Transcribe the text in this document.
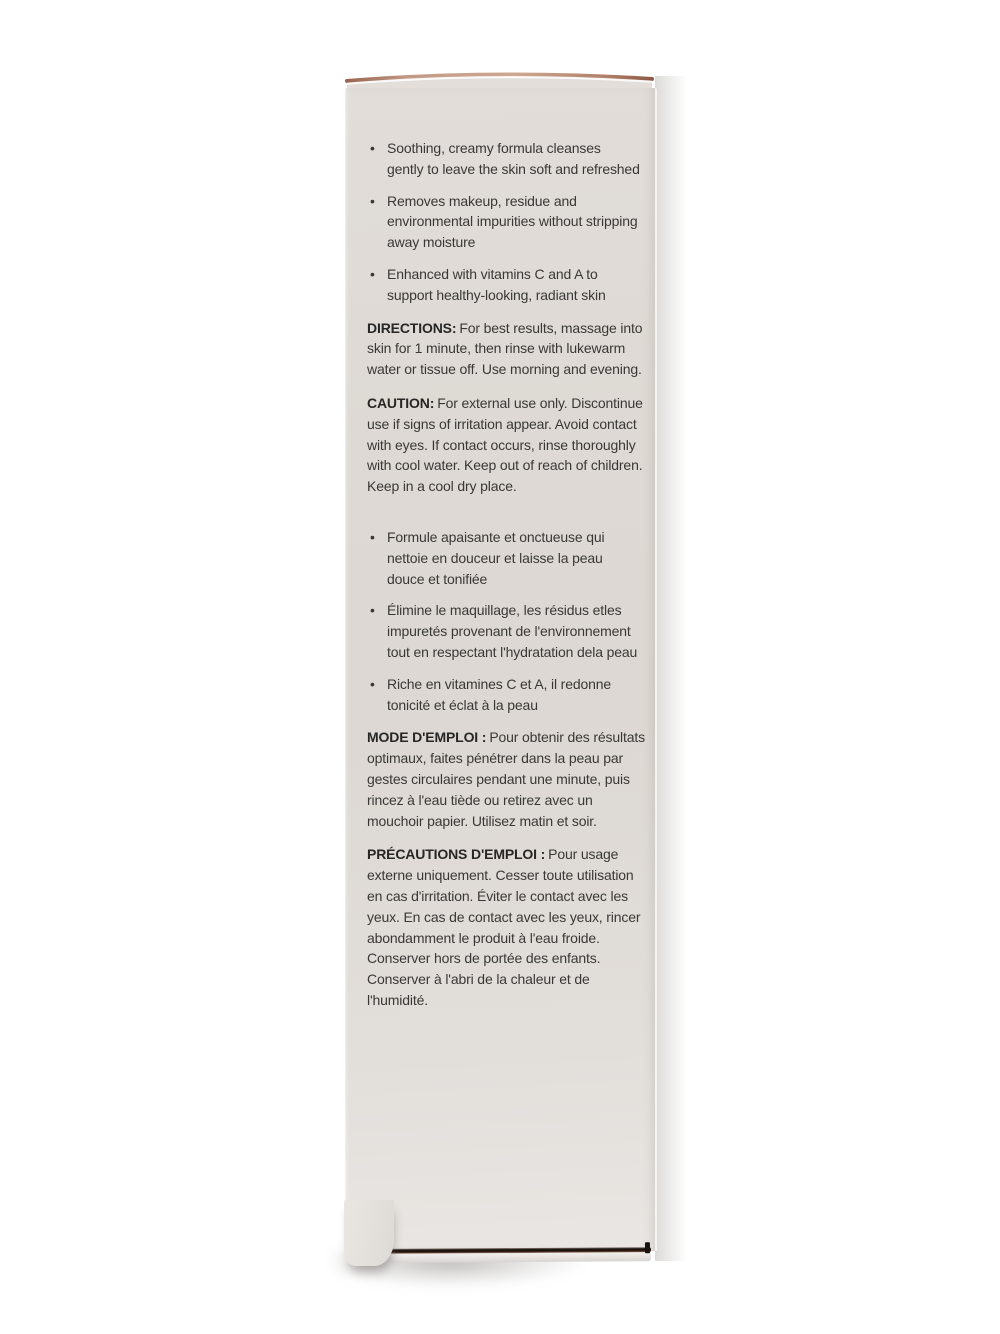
• Soothing, creamy formula cleanses gently to leave the skin soft and refreshed
• Removes makeup, residue and environmental impurities without stripping away moisture
• Enhanced with vitamins C and A to support healthy-looking, radiant skin

DIRECTIONS: For best results, massage into skin for 1 minute, then rinse with lukewarm water or tissue off. Use morning and evening.

CAUTION: For external use only. Discontinue use if signs of irritation appear. Avoid contact with eyes. If contact occurs, rinse thoroughly with cool water. Keep out of reach of children. Keep in a cool dry place.

• Formule apaisante et onctueuse qui nettoie en douceur et laisse la peau douce et tonifiée
• Élimine le maquillage, les résidus etles impuretés provenant de l'environnement tout en respectant l'hydratation dela peau
• Riche en vitamines C et A, il redonne tonicité et éclat à la peau

MODE D'EMPLOI : Pour obtenir des résultats optimaux, faites pénétrer dans la peau par gestes circulaires pendant une minute, puis rincez à l'eau tiède ou retirez avec un mouchoir papier. Utilisez matin et soir.

PRÉCAUTIONS D'EMPLOI : Pour usage externe uniquement. Cesser toute utilisation en cas d'irritation. Éviter le contact avec les yeux. En cas de contact avec les yeux, rincer abondamment le produit à l'eau froide. Conserver hors de portée des enfants. Conserver à l'abri de la chaleur et de l'humidité.
